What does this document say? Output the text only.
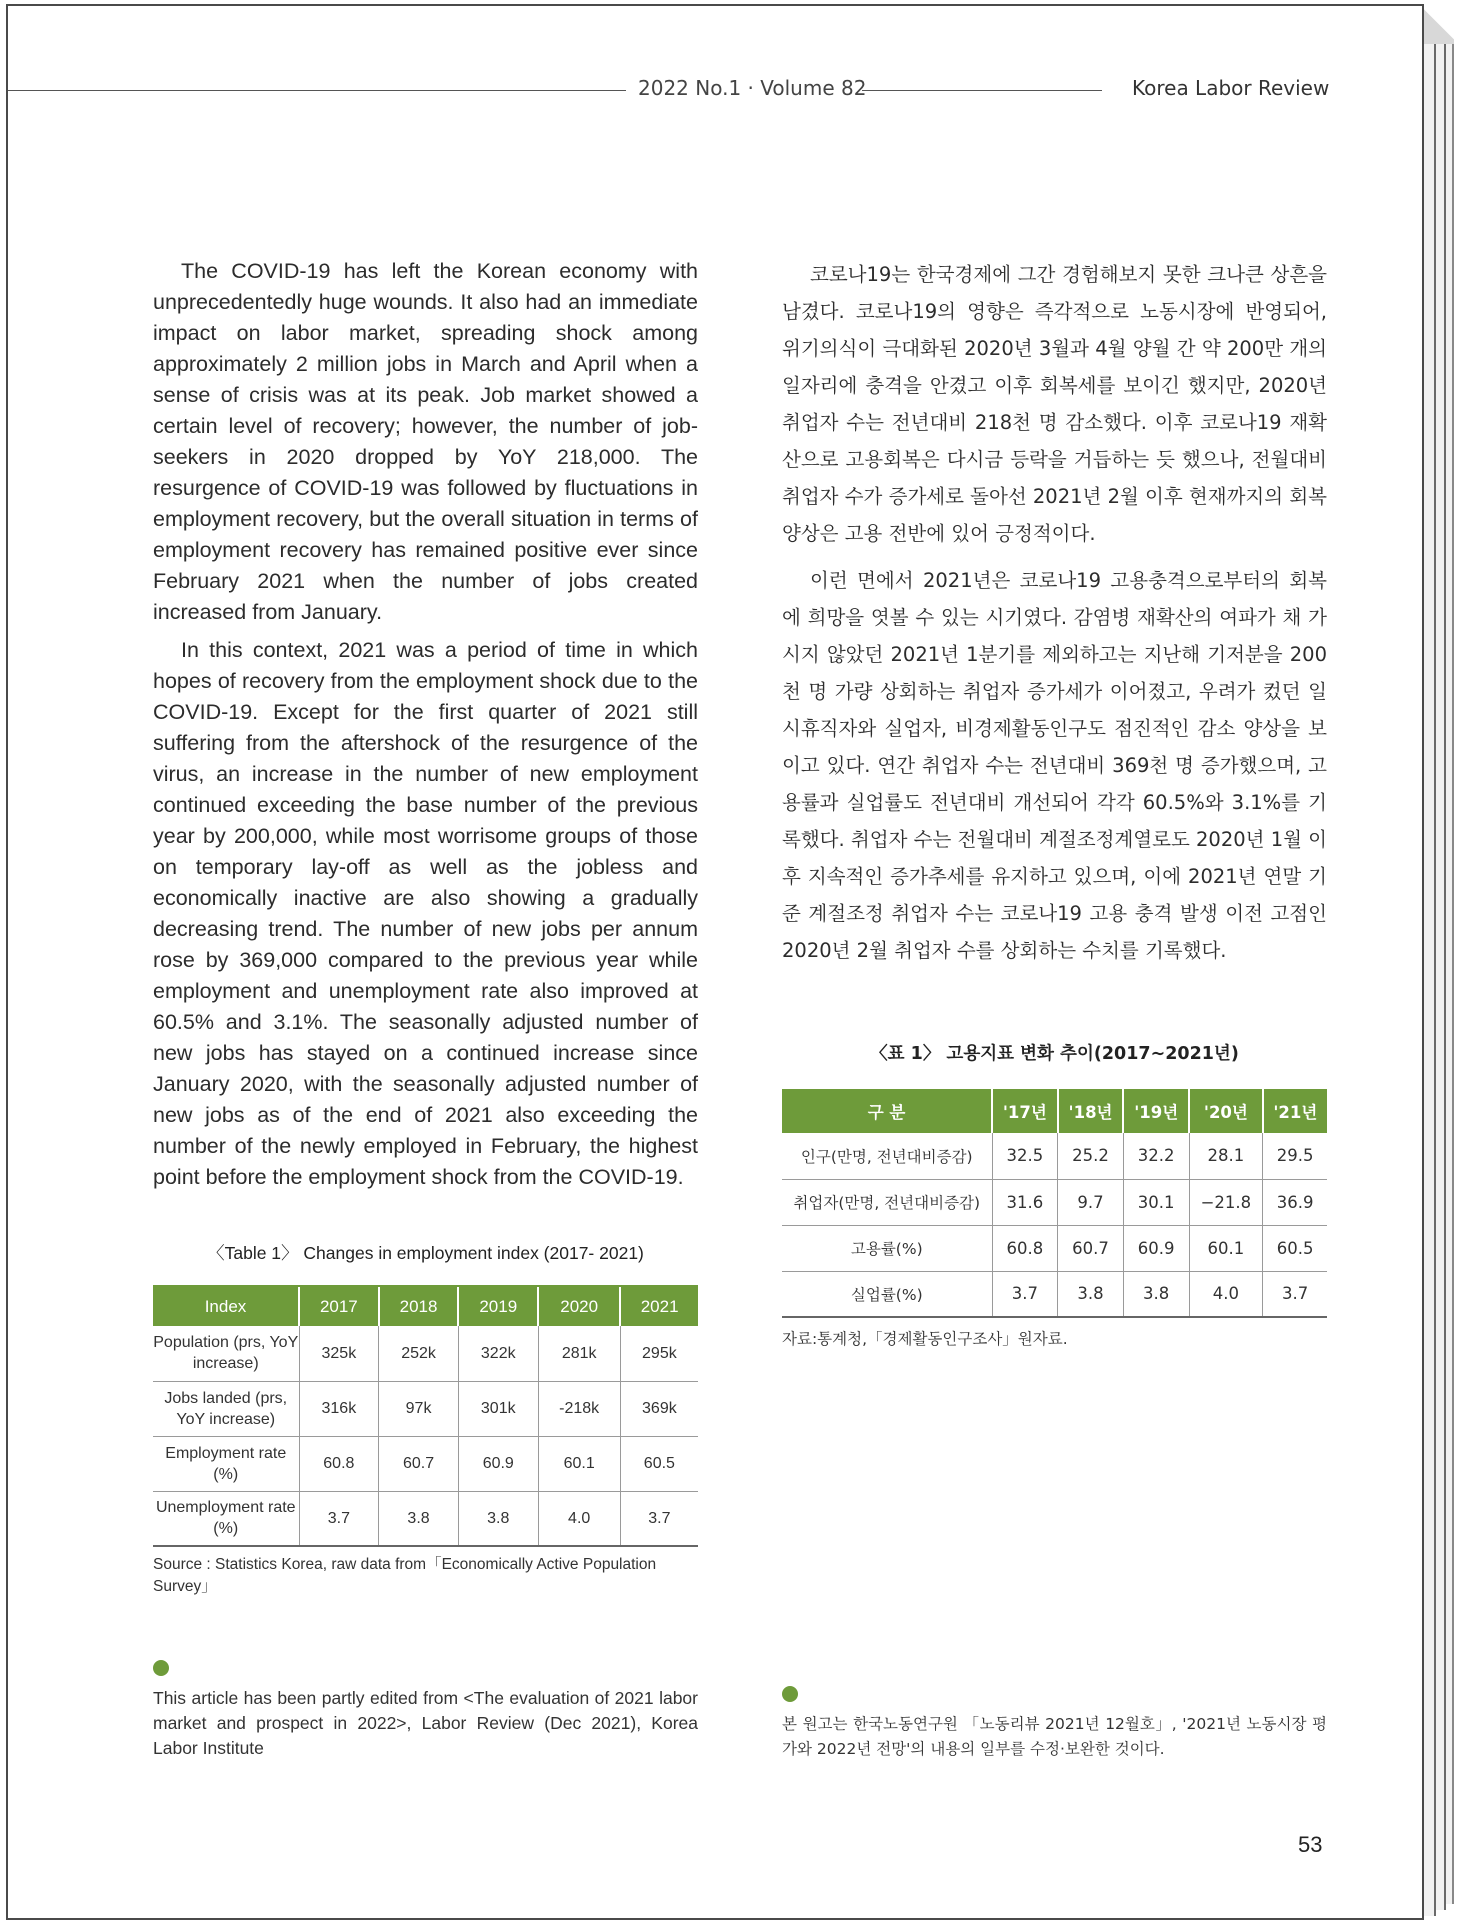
2022 No.1 · Volume 82	Korea Labor Review

The COVID-19 has left the Korean economy with unprecedentedly huge wounds. It also had an immediate impact on labor market, spreading shock among approximately 2 million jobs in March and April when a sense of crisis was at its peak. Job market showed a certain level of recovery; however, the number of job-seekers in 2020 dropped by YoY 218,000. The resurgence of COVID-19 was followed by fluctuations in employment recovery, but the overall situation in terms of employment recovery has remained positive ever since February 2021 when the number of jobs created increased from January.

In this context, 2021 was a period of time in which hopes of recovery from the employment shock due to the COVID-19. Except for the first quarter of 2021 still suffering from the aftershock of the resurgence of the virus, an increase in the number of new employment continued exceeding the base number of the previous year by 200,000, while most worrisome groups of those on temporary lay-off as well as the jobless and economically inactive are also showing a gradually decreasing trend. The number of new jobs per annum rose by 369,000 compared to the previous year while employment and unemployment rate also improved at 60.5% and 3.1%. The seasonally adjusted number of new jobs has stayed on a continued increase since January 2020, with the seasonally adjusted number of new jobs as of the end of 2021 also exceeding the number of the newly employed in February, the highest point before the employment shock from the COVID-19.

코로나19는 한국경제에 그간 경험해보지 못한 크나큰 상흔을 남겼다. 코로나19의 영향은 즉각적으로 노동시장에 반영되어, 위기의식이 극대화된 2020년 3월과 4월 양월 간 약 200만 개의 일자리에 충격을 안겼고 이후 회복세를 보이긴 했지만, 2020년 취업자 수는 전년대비 218천 명 감소했다. 이후 코로나19 재확산으로 고용회복은 다시금 등락을 거듭하는 듯 했으나, 전월대비 취업자 수가 증가세로 돌아선 2021년 2월 이후 현재까지의 회복양상은 고용 전반에 있어 긍정적이다.

이런 면에서 2021년은 코로나19 고용충격으로부터의 회복에 희망을 엿볼 수 있는 시기였다. 감염병 재확산의 여파가 채 가시지 않았던 2021년 1분기를 제외하고는 지난해 기저분을 200천 명 가량 상회하는 취업자 증가세가 이어졌고, 우려가 컸던 일시휴직자와 실업자, 비경제활동인구도 점진적인 감소 양상을 보이고 있다. 연간 취업자 수는 전년대비 369천 명 증가했으며, 고용률과 실업률도 전년대비 개선되어 각각 60.5%와 3.1%를 기록했다. 취업자 수는 전월대비 계절조정계열로도 2020년 1월 이후 지속적인 증가추세를 유지하고 있으며, 이에 2021년 연말 기준 계절조정 취업자 수는 코로나19 고용 충격 발생 이전 고점인 2020년 2월 취업자 수를 상회하는 수치를 기록했다.

〈Table 1〉 Changes in employment index (2017- 2021)
Index	2017	2018	2019	2020	2021
Population (prs, YoY increase)	325k	252k	322k	281k	295k
Jobs landed (prs, YoY increase)	316k	97k	301k	-218k	369k
Employment rate (%)	60.8	60.7	60.9	60.1	60.5
Unemployment rate (%)	3.7	3.8	3.8	4.0	3.7
Source : Statistics Korea, raw data from「Economically Active Population Survey」
〈표 1〉 고용지표 변화 추이(2017∼2021년)
구 분	'17년	'18년	'19년	'20년	'21년
인구(만명, 전년대비증감)	32.5	25.2	32.2	28.1	29.5
취업자(만명, 전년대비증감)	31.6	9.7	30.1	−21.8	36.9
고용률(%)	60.8	60.7	60.9	60.1	60.5
실업률(%)	3.7	3.8	3.8	4.0	3.7
자료:통계청,「경제활동인구조사」원자료.
This article has been partly edited from <The evaluation of 2021 labor market and prospect in 2022>, Labor Review (Dec 2021), Korea Labor Institute
본 원고는 한국노동연구원 「노동리뷰 2021년 12월호」, '2021년 노동시장 평가와 2022년 전망'의 내용의 일부를 수정·보완한 것이다.
53
